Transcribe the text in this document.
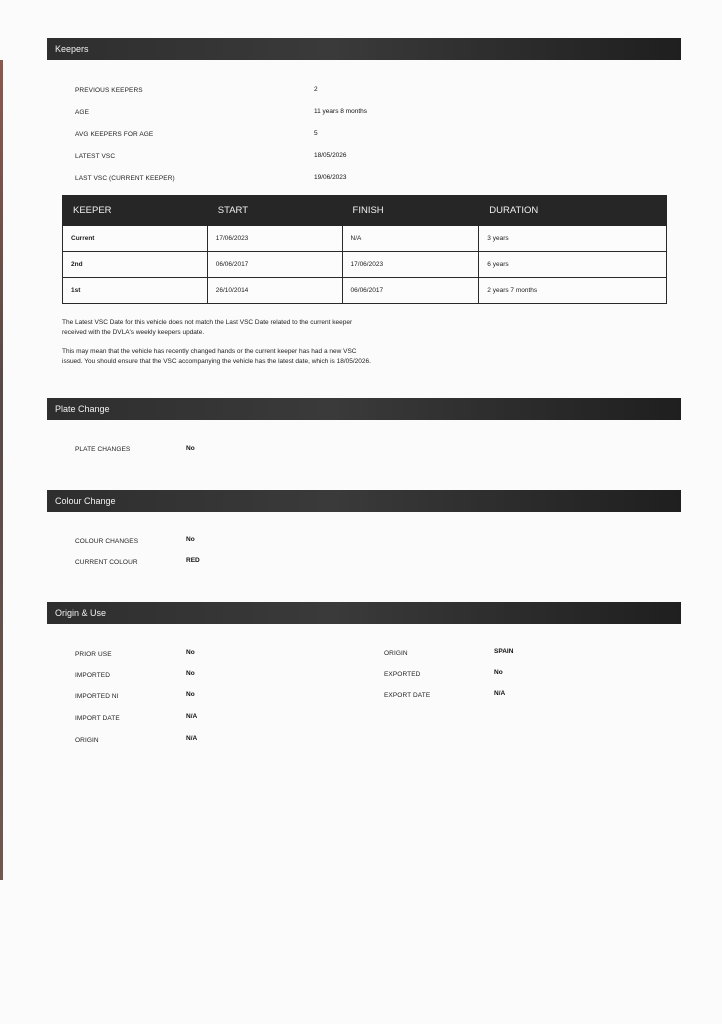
Keepers
PREVIOUS KEEPERS	2
AGE	11 years 8 months
AVG KEEPERS FOR AGE	5
LATEST VSC	18/05/2026
LAST VSC (CURRENT KEEPER)	19/06/2023
KEEPER	START	FINISH	DURATION
Current	17/06/2023	N/A	3 years
2nd	06/06/2017	17/06/2023	6 years
1st	26/10/2014	06/06/2017	2 years 7 months
The Latest VSC Date for this vehicle does not match the Last VSC Date related to the current keeper received with the DVLA's weekly keepers update.
This may mean that the vehicle has recently changed hands or the current keeper has had a new VSC issued. You should ensure that the VSC accompanying the vehicle has the latest date, which is 18/05/2026.
Plate Change
PLATE CHANGES	No
Colour Change
COLOUR CHANGES	No
CURRENT COLOUR	RED
Origin & Use
PRIOR USE	No
IMPORTED	No
IMPORTED NI	No
IMPORT DATE	N/A
ORIGIN	N/A
ORIGIN	SPAIN
EXPORTED	No
EXPORT DATE	N/A
